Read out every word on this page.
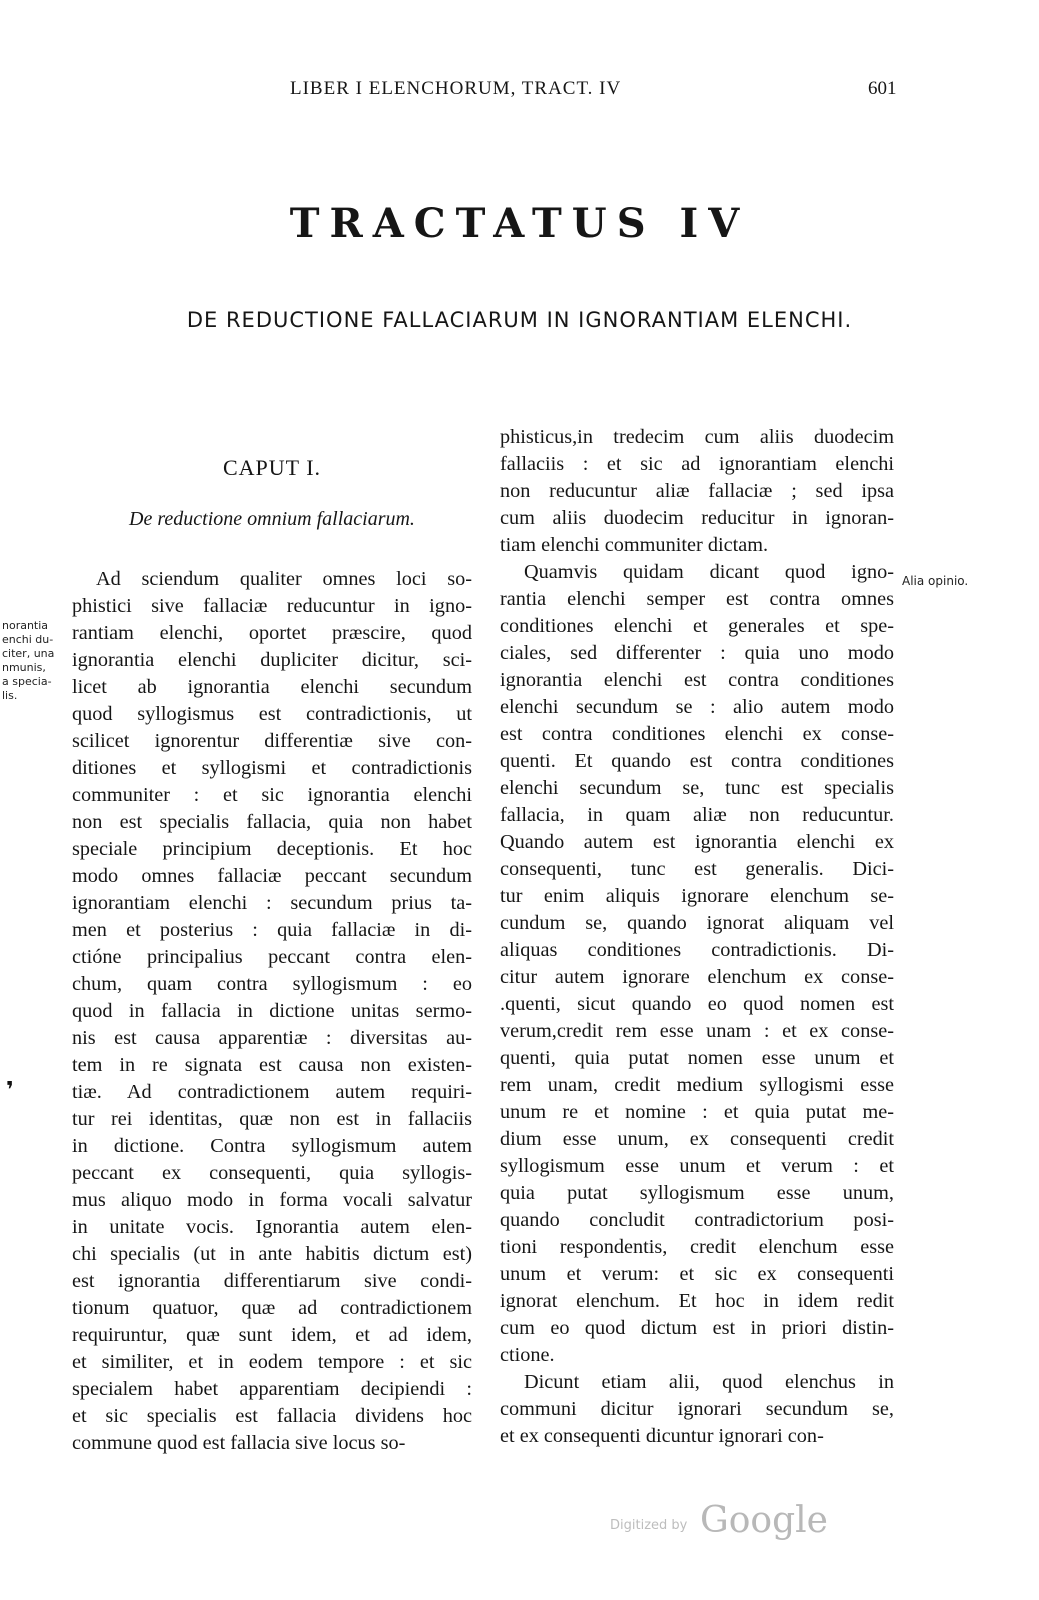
LIBER I ELENCHORUM, TRACT. IV	601
TRACTATUS IV
DE REDUCTIONE FALLACIARUM IN IGNORANTIAM ELENCHI.
CAPUT I.
De reductione omnium fallaciarum.
norantia
enchi du-
citer, una
nmunis,
a specia-
lis.
Alia opinio.
Ad sciendum qualiter omnes loci so-
phistici sive fallaciæ reducuntur in igno-
rantiam elenchi, oportet præscire, quod
ignorantia elenchi dupliciter dicitur, sci-
licet ab ignorantia elenchi secundum
quod syllogismus est contradictionis, ut
scilicet ignorentur differentiæ sive con-
ditiones et syllogismi et contradictionis
communiter : et sic ignorantia elenchi
non est specialis fallacia, quia non habet
speciale principium deceptionis. Et hoc
modo omnes fallaciæ peccant secundum
ignorantiam elenchi : secundum prius ta-
men et posterius : quia fallaciæ in di-
ctióne principalius peccant contra elen-
chum, quam contra syllogismum : eo
quod in fallacia in dictione unitas sermo-
nis est causa apparentiæ : diversitas au-
tem in re signata est causa non existen-
tiæ. Ad contradictionem autem requiri-
tur rei identitas, quæ non est in fallaciis
in dictione. Contra syllogismum autem
peccant ex consequenti, quia syllogis-
mus aliquo modo in forma vocali salvatur
in unitate vocis. Ignorantia autem elen-
chi specialis (ut in ante habitis dictum est)
est ignorantia differentiarum sive condi-
tionum quatuor, quæ ad contradictionem
requiruntur, quæ sunt idem, et ad idem,
et similiter, et in eodem tempore : et sic
specialem habet apparentiam decipiendi :
et sic specialis est fallacia dividens hoc
commune quod est fallacia sive locus so-
phisticus,in tredecim cum aliis duodecim
fallaciis : et sic ad ignorantiam elenchi
non reducuntur aliæ fallaciæ ; sed ipsa
cum aliis duodecim reducitur in ignoran-
tiam elenchi communiter dictam.
Quamvis quidam dicant quod igno-
rantia elenchi semper est contra omnes
conditiones elenchi et generales et spe-
ciales, sed differenter : quia uno modo
ignorantia elenchi est contra conditiones
elenchi secundum se : alio autem modo
est contra conditiones elenchi ex conse-
quenti. Et quando est contra conditiones
elenchi secundum se, tunc est specialis
fallacia, in quam aliæ non reducuntur.
Quando autem est ignorantia elenchi ex
consequenti, tunc est generalis. Dici-
tur enim aliquis ignorare elenchum se-
cundum se, quando ignorat aliquam vel
aliquas conditiones contradictionis. Di-
citur autem ignorare elenchum ex conse-
.quenti, sicut quando eo quod nomen est
verum,credit rem esse unam : et ex conse-
quenti, quia putat nomen esse unum et
rem unam, credit medium syllogismi esse
unum re et nomine : et quia putat me-
dium esse unum, ex consequenti credit
syllogismum esse unum et verum : et
quia putat syllogismum esse unum,
quando concludit contradictorium posi-
tioni respondentis, credit elenchum esse
unum et verum: et sic ex consequenti
ignorat elenchum. Et hoc in idem redit
cum eo quod dictum est in priori distin-
ctione.
Dicunt etiam alii, quod elenchus in
communi dicitur ignorari secundum se,
et ex consequenti dicuntur ignorari con-
❜
Digitized by Google
